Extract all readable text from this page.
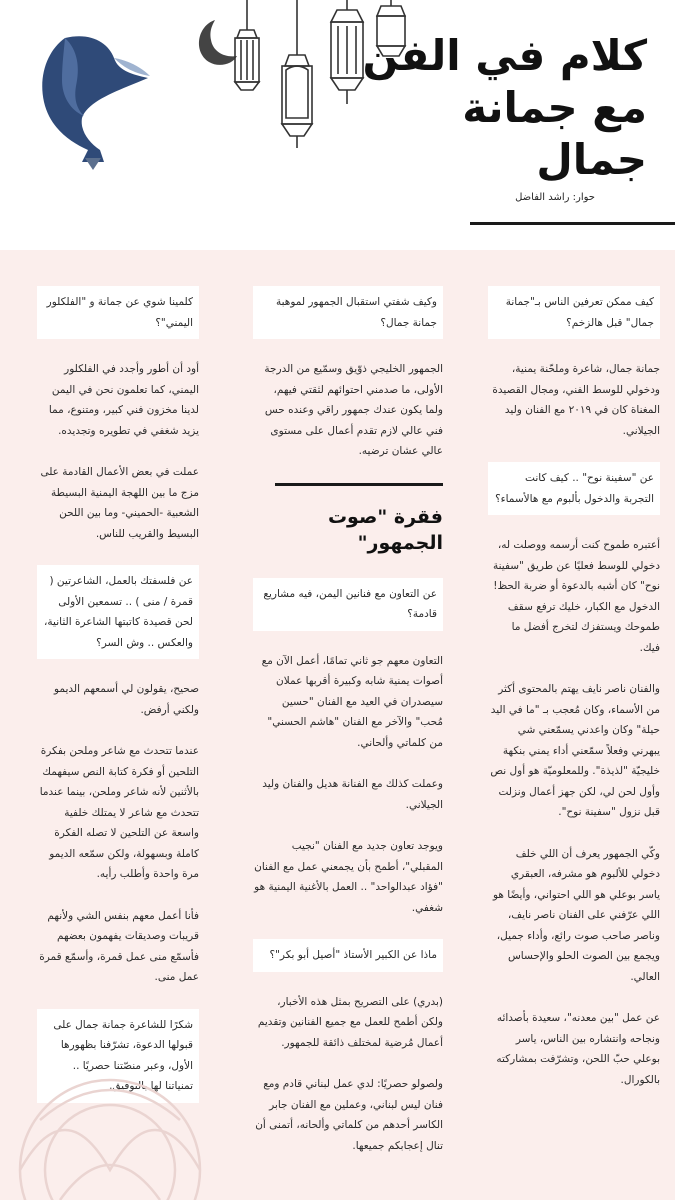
Solo
Media
كلام في الفن
مع جمانة جمال
حوار: راشد الفاضل
كيف ممكن تعرفين الناس بـ"جمانة جمال" قبل هالزخم؟

جمانة جمال، شاعرة وملحّنة يمنية، ودخولي للوسط الفني، ومجال القصيدة المغناة كان في ٢٠١٩ مع الفنان وليد الجيلاني.

عن "سفينة نوح" .. كيف كانت التجربة والدخول بألبوم مع هالأسماء؟

أعتبره طموح كنت أرسمه ووصلت له، دخولي للوسط فعليًا عن طريق "سفينة نوح" كان أشبه بالدعوة أو ضربة الحظ! الدخول مع الكبار، خليك ترفع سقف طموحك ويستفزك لتخرج أفضل ما فيك.

والفنان ناصر نايف يهتم بالمحتوى أكثر من الأسماء، وكان مُعجب بـ "ما في اليد حيلة" وكان واعدني يسمّعني شي يبهرني وفعلاً سمّعني أداء يمني بنكهة خليجيّة "لذيذة". وللمعلوميّة هو أول نص وأول لحن لي، لكن جهز أعمال ونزلت قبل نزول "سفينة نوح".

وكّي الجمهور يعرف أن اللي خلف دخولي للألبوم هو مشرفه، العبقري ياسر بوعلي هو اللي احتواني، وأيضًا هو اللي عرّفني على الفنان ناصر نايف، وناصر صاحب صوت رائع، وأداء جميل، ويجمع بين الصوت الحلو والإحساس العالي.

عن عمل "بين معدنه"، سعيدة بأصدائه ونجاحه وانتشاره بين الناس، ياسر بوعلي حبّ اللحن، وتشرّفت بمشاركته بالكورال.

وكيف شفتي استقبال الجمهور لموهبة جمانة جمال؟

الجمهور الخليجي ذوّيق وسمّيع من الدرجة الأولى، ما صدمني احتوائهم لثقتي فيهم، ولما يكون عندك جمهور راقي وعنده حس فني عالي لازم تقدم أعمال على مستوى عالي عشان ترضيه.

فقرة "صوت الجمهور"
عن التعاون مع فنانين اليمن، فيه مشاريع قادمة؟

التعاون معهم جو ثاني تمامًا، أعمل الآن مع أصوات يمنية شابه وكبيرة أقربها عملان سيصدران في العيد مع الفنان "حسين مُحب" والآخر مع الفنان "هاشم الحسني" من كلماتي وألحاني.

وعملت كذلك مع الفنانة هديل والفنان وليد الجيلاني.

ويوجد تعاون جديد مع الفنان "نجيب المقبلي"، أطمح بأن يجمعني عمل مع الفنان "فؤاد عبدالواحد" .. العمل بالأغنية اليمنية هو شغفي.

ماذا عن الكبير الأستاذ "أصيل أبو بكر"؟

(بدري) على التصريح بمثل هذه الأخبار، ولكن أطمح للعمل مع جميع الفنانين وتقديم أعمال مُرضية لمختلف ذائقة للجمهور.

ولصولو حصريًا: لدي عمل لبناني قادم ومع فنان ليس لبناني، وعملين مع الفنان جابر الكاسر أحدهم من كلماتي وألحانه، أتمنى أن تنال إعجابكم جميعها.

كلمينا شوي عن جمانة و "الفلكلور اليمني"؟

أود أن أطور وأجدد في الفلكلور اليمني، كما تعلمون نحن في اليمن لدينا مخزون فني كبير، ومتنوع، مما يزيد شغفي في تطويره وتجديده.

عملت في بعض الأعمال القادمة على مزج ما بين اللهجة اليمنية البسيطة الشعبية -الحميني- وما بين اللحن البسيط والقريب للناس.

عن فلسفتك بالعمل، الشاعرتين ( قمرة / منى ) .. تسمعين الأولى لحن قصيدة كاتبتها الشاعرة الثانية، والعكس .. وش السر؟

صحيح، يقولون لي أسمعهم الديمو ولكني أرفض.

عندما تتحدث مع شاعر وملحن بفكرة التلحين أو فكرة كتابة النص سيفهمك بالأثنين لأنه شاعر وملحن، بينما عندما تتحدث مع شاعر لا يمتلك خلفية واسعة عن التلحين لا تصله الفكرة كاملة وبسهولة، ولكن سمّعه الديمو مرة واحدة وأطلب رأيه.

فأنا أعمل معهم بنفس الشي ولأنهم قريبات وصديقات يفهمون بعضهم فأسمّع منى عمل قمرة، وأسمّع قمرة عمل منى.

شكرًا للشاعرة جمانة جمال على قبولها الدعوة، تشرّفنا بظهورها الأول، وعبر منصّتنا حصريًا .. تمنياتنا لها بالتوفيق.
